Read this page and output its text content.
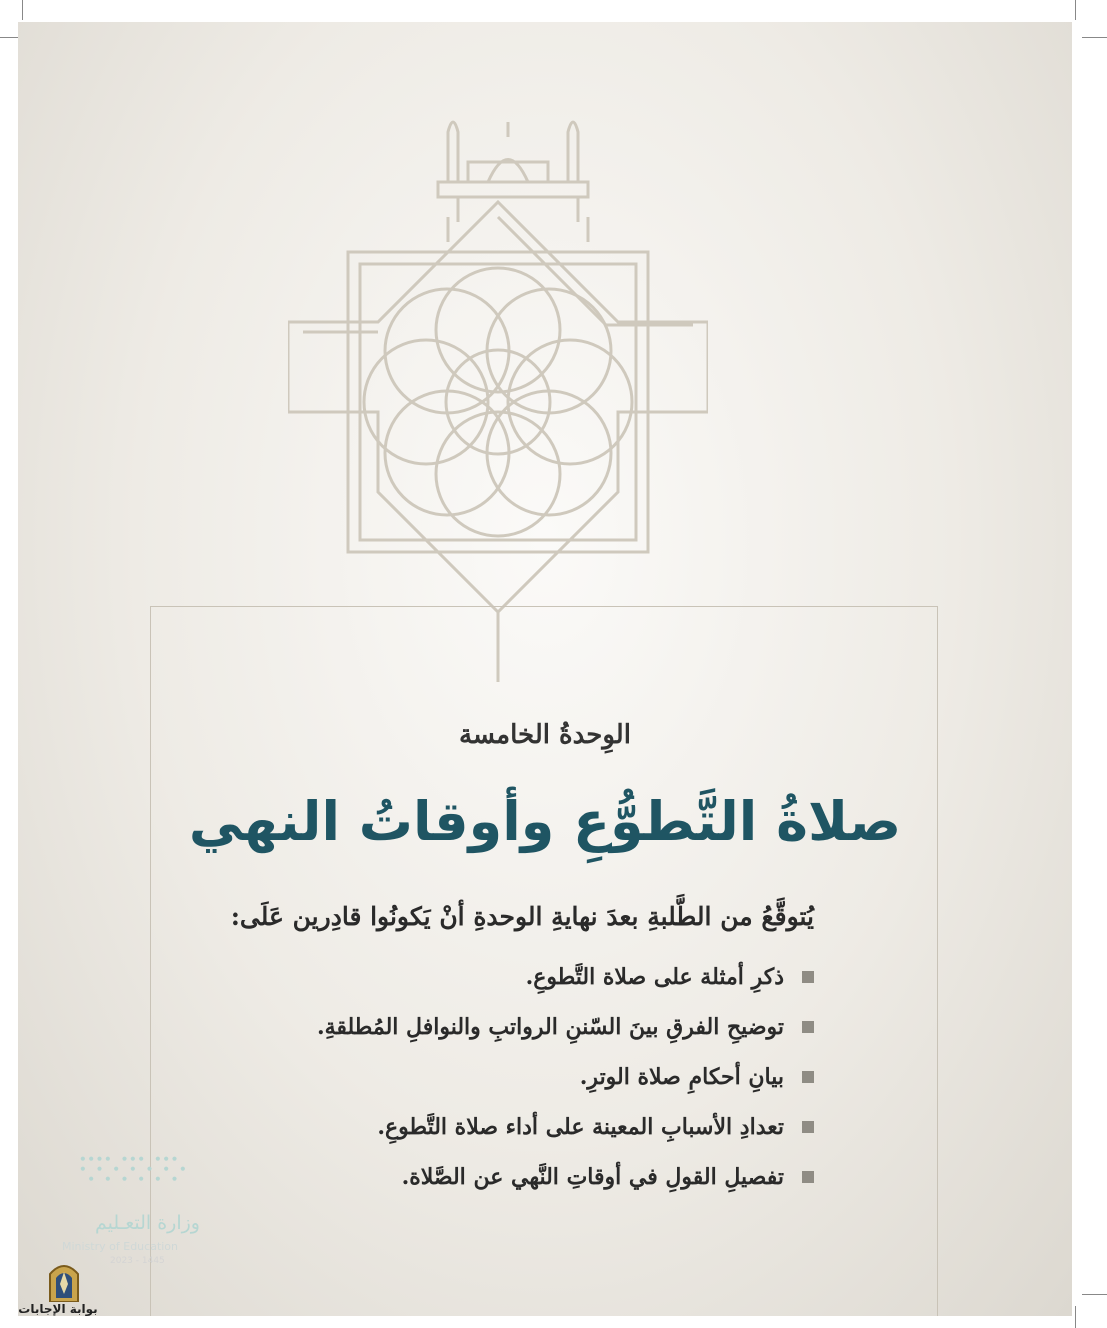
الوِحدةُ الخامسة
صلاةُ التَّطوُّعِ وأوقاتُ النهي
يُتوقَّعُ من الطَّلبةِ بعدَ نهايةِ الوحدةِ أنْ يَكونُوا قادِرين عَلَى:
ذكرِ أمثلة على صلاة التَّطوعِ.
توضيحِ الفرقِ بينَ السّننِ الرواتبِ والنوافلِ المُطلقةِ.
بيانِ أحكامِ صلاة الوترِ.
تعدادِ الأسبابِ المعينة على أداء صلاة التَّطوعِ.
تفصيلِ القولِ في أوقاتِ النَّهي عن الصَّلاة.
وزارة التعـليم
Ministry of Education
2023 - 1445
بوابة الإجابات
